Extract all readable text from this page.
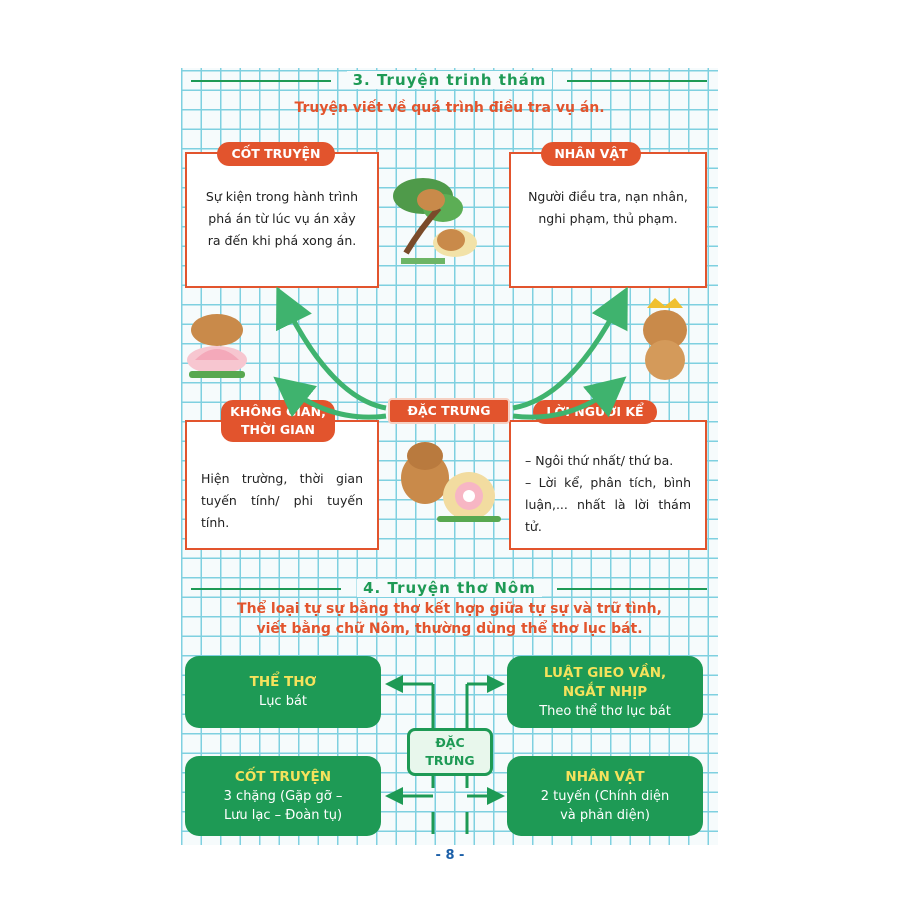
3. Truyện trinh thám
Truyện viết về quá trình điều tra vụ án.
Sự kiện trong hành trình phá án từ lúc vụ án xảy ra đến khi phá xong án.
CỐT TRUYỆN
Người điều tra, nạn nhân, nghi phạm, thủ phạm.
NHÂN VẬT
Hiện trường, thời gian tuyến tính/ phi tuyến tính.
KHÔNG GIAN, THỜI GIAN
– Ngôi thứ nhất/ thứ ba.
– Lời kể, phân tích, bình luận,... nhất là lời thám tử.
LỜI NGƯỜI KỂ
ĐẶC TRƯNG
4. Truyện thơ Nôm
Thể loại tự sự bằng thơ kết hợp giữa tự sự và trữ tình,
viết bằng chữ Nôm, thường dùng thể thơ lục bát.
THỂ THƠ
Lục bát
LUẬT GIEO VẦN,
NGẮT NHỊP
Theo thể thơ lục bát
CỐT TRUYỆN
3 chặng (Gặp gỡ –
Lưu lạc – Đoàn tụ)
NHÂN VẬT
2 tuyến (Chính diện
và phản diện)
ĐẶC
TRƯNG
- 8 -
